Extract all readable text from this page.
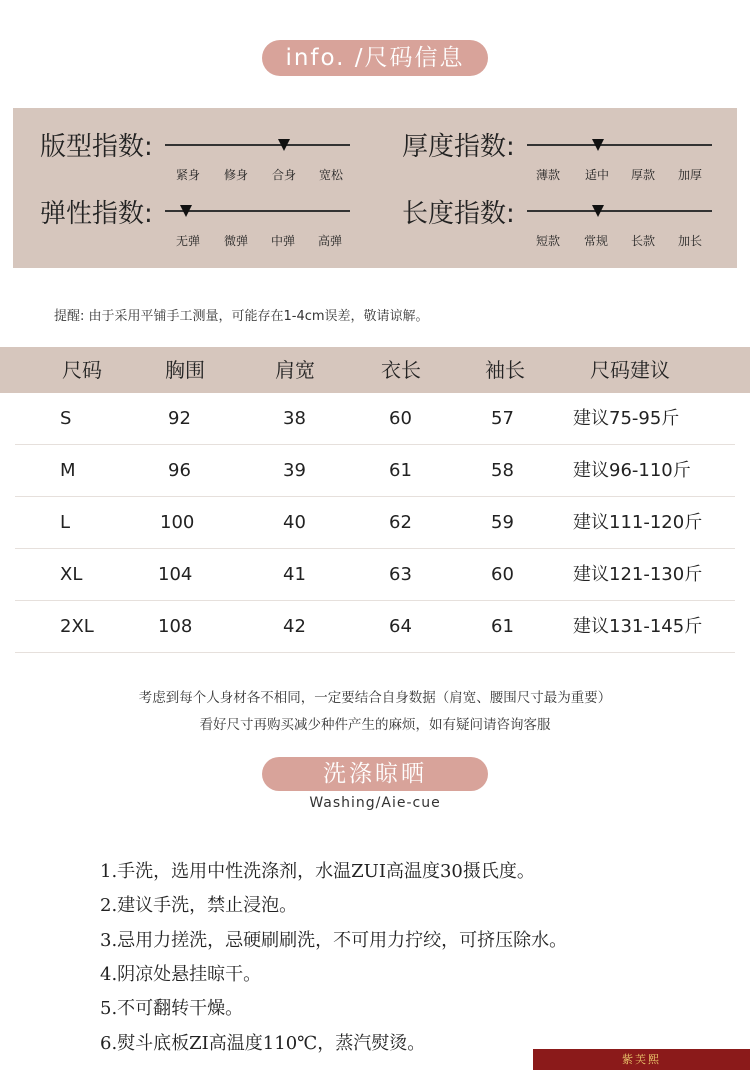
info. /尺码信息
版型指数:
紧身 修身 合身 宽松
厚度指数:
薄款 适中 厚款 加厚
弹性指数:
无弹 微弹 中弹 高弹
长度指数:
短款 常规 长款 加长
提醒: 由于采用平铺手工测量，可能存在1-4cm误差，敬请谅解。
尺码	胸围	肩宽	衣长	袖长	尺码建议
S	92	38	60	57	建议75-95斤
M	96	39	61	58	建议96-110斤
L	100	40	62	59	建议111-120斤
XL	104	41	63	60	建议121-130斤
2XL	108	42	64	61	建议131-145斤
考虑到每个人身材各不相同，一定要结合自身数据（肩宽、腰围尺寸最为重要）
看好尺寸再购买减少种件产生的麻烦，如有疑问请咨询客服
洗涤晾晒
Washing/Aie-cue
1.手洗，选用中性洗涤剂，水温ZUI高温度30摄氏度。
2.建议手洗，禁止浸泡。
3.忌用力搓洗，忌硬刷刷洗，不可用力拧绞，可挤压除水。
4.阴凉处悬挂晾干。
5.不可翻转干燥。
6.熨斗底板ZI高温度110℃，蒸汽熨烫。
紫芙熙
